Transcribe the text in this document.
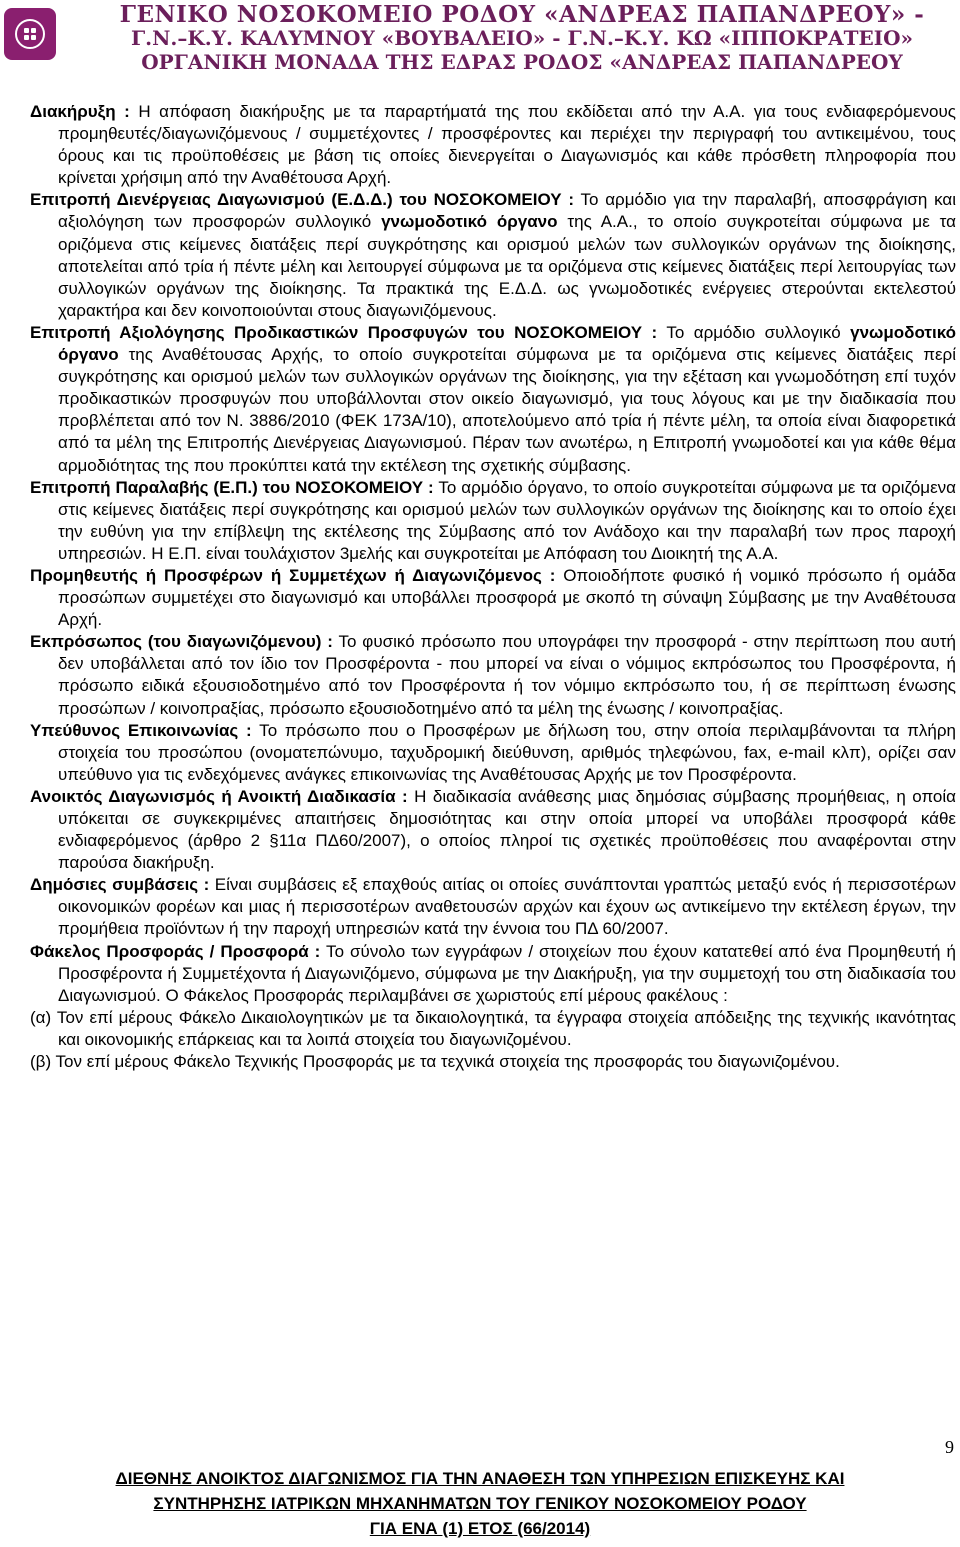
ΓΕΝΙΚΟ ΝΟΣΟΚΟΜΕΙΟ ΡΟΔΟΥ «ΑΝΔΡΕΑΣ ΠΑΠΑΝΔΡΕΟΥ» -
Γ.Ν.–Κ.Υ. ΚΑΛΥΜΝΟΥ «ΒΟΥΒΑΛΕΙΟ» - Γ.Ν.–Κ.Υ. ΚΩ «ΙΠΠΟΚΡΑΤΕΙΟ»
ΟΡΓΑΝΙΚΗ ΜΟΝΑΔΑ ΤΗΣ ΕΔΡΑΣ ΡΟΔΟΣ «ΑΝΔΡΕΑΣ ΠΑΠΑΝΔΡΕΟΥ

Διακήρυξη : Η απόφαση διακήρυξης με τα παραρτήματά της που εκδίδεται από την Α.Α. για τους ενδιαφερόμενους προμηθευτές/διαγωνιζόμενους / συμμετέχοντες / προσφέροντες και περιέχει την περιγραφή του αντικειμένου, τους όρους και τις προϋποθέσεις με βάση τις οποίες διενεργείται ο Διαγωνισμός και κάθε πρόσθετη πληροφορία που κρίνεται χρήσιμη από την Αναθέτουσα Αρχή.

Επιτροπή Διενέργειας Διαγωνισμού (Ε.Δ.Δ.) του ΝΟΣΟΚΟΜΕΙΟΥ : Το αρμόδιο για την παραλαβή, αποσφράγιση και αξιολόγηση των προσφορών συλλογικό γνωμοδοτικό όργανο της Α.Α., το οποίο συγκροτείται σύμφωνα με τα οριζόμενα στις κείμενες διατάξεις περί συγκρότησης και ορισμού μελών των συλλογικών οργάνων της διοίκησης, αποτελείται από τρία ή πέντε μέλη και λειτουργεί σύμφωνα με τα οριζόμενα στις κείμενες διατάξεις περί λειτουργίας των συλλογικών οργάνων της διοίκησης. Τα πρακτικά της Ε.Δ.Δ. ως γνωμοδοτικές ενέργειες στερούνται εκτελεστού χαρακτήρα και δεν κοινοποιούνται στους διαγωνιζόμενους.

Επιτροπή Αξιολόγησης Προδικαστικών Προσφυγών του ΝΟΣΟΚΟΜΕΙΟΥ : Το αρμόδιο συλλογικό γνωμοδοτικό όργανο της Αναθέτουσας Αρχής, το οποίο συγκροτείται σύμφωνα με τα οριζόμενα στις κείμενες διατάξεις περί συγκρότησης και ορισμού μελών των συλλογικών οργάνων της διοίκησης, για την εξέταση και γνωμοδότηση επί τυχόν προδικαστικών προσφυγών που υποβάλλονται στον οικείο διαγωνισμό, για τους λόγους και με την διαδικασία που προβλέπεται από τον Ν. 3886/2010 (ΦΕΚ 173Α/10), αποτελούμενο από τρία ή πέντε μέλη, τα οποία είναι διαφορετικά από τα μέλη της Επιτροπής Διενέργειας Διαγωνισμού. Πέραν των ανωτέρω, η Επιτροπή γνωμοδοτεί και για κάθε θέμα αρμοδιότητας της που προκύπτει κατά την εκτέλεση της σχετικής σύμβασης.

Επιτροπή Παραλαβής (Ε.Π.) του ΝΟΣΟΚΟΜΕΙΟΥ : Το αρμόδιο όργανο, το οποίο συγκροτείται σύμφωνα με τα οριζόμενα στις κείμενες διατάξεις περί συγκρότησης και ορισμού μελών των συλλογικών οργάνων της διοίκησης και το οποίο έχει την ευθύνη για την επίβλεψη της εκτέλεσης της Σύμβασης από τον Ανάδοχο και την παραλαβή των προς παροχή υπηρεσιών. Η Ε.Π. είναι τουλάχιστον 3μελής και συγκροτείται με Απόφαση του Διοικητή της Α.Α.

Προμηθευτής ή Προσφέρων ή Συμμετέχων ή Διαγωνιζόμενος : Οποιοδήποτε φυσικό ή νομικό πρόσωπο ή ομάδα προσώπων συμμετέχει στο διαγωνισμό και υποβάλλει προσφορά με σκοπό τη σύναψη Σύμβασης με την Αναθέτουσα Αρχή.

Εκπρόσωπος (του διαγωνιζόμενου) : Το φυσικό πρόσωπο που υπογράφει την προσφορά - στην περίπτωση που αυτή δεν υποβάλλεται από τον ίδιο τον Προσφέροντα - που μπορεί να είναι ο νόμιμος εκπρόσωπος του Προσφέροντα, ή πρόσωπο ειδικά εξουσιοδοτημένο από τον Προσφέροντα ή τον νόμιμο εκπρόσωπο του, ή σε περίπτωση ένωσης προσώπων / κοινοπραξίας, πρόσωπο εξουσιοδοτημένο από τα μέλη της ένωσης / κοινοπραξίας.

Υπεύθυνος Επικοινωνίας : Το πρόσωπο που ο Προσφέρων με δήλωση του, στην οποία περιλαμβάνονται τα πλήρη στοιχεία του προσώπου (ονοματεπώνυμο, ταχυδρομική διεύθυνση, αριθμός τηλεφώνου, fax, e-mail κλπ), ορίζει σαν υπεύθυνο για τις ενδεχόμενες ανάγκες επικοινωνίας της Αναθέτουσας Αρχής με τον Προσφέροντα.

Ανοικτός Διαγωνισμός ή Ανοικτή Διαδικασία : Η διαδικασία ανάθεσης μιας δημόσιας σύμβασης προμήθειας, η οποία υπόκειται σε συγκεκριμένες απαιτήσεις δημοσιότητας και στην οποία μπορεί να υποβάλει προσφορά κάθε ενδιαφερόμενος (άρθρο 2 §11α ΠΔ60/2007), ο οποίος πληροί τις σχετικές προϋποθέσεις που αναφέρονται στην παρούσα διακήρυξη.

Δημόσιες συμβάσεις : Είναι συμβάσεις εξ επαχθούς αιτίας οι οποίες συνάπτονται γραπτώς μεταξύ ενός ή περισσοτέρων οικονομικών φορέων και μιας ή περισσοτέρων αναθετουσών αρχών και έχουν ως αντικείμενο την εκτέλεση έργων, την προμήθεια προϊόντων ή την παροχή υπηρεσιών κατά την έννοια του ΠΔ 60/2007.

Φάκελος Προσφοράς / Προσφορά : Το σύνολο των εγγράφων / στοιχείων που έχουν κατατεθεί από ένα Προμηθευτή ή Προσφέροντα ή Συμμετέχοντα ή Διαγωνιζόμενο, σύμφωνα με την Διακήρυξη, για την συμμετοχή του στη διαδικασία του Διαγωνισμού. Ο Φάκελος Προσφοράς περιλαμβάνει σε χωριστούς επί μέρους φακέλους :

(α) Τον επί μέρους Φάκελο Δικαιολογητικών με τα δικαιολογητικά, τα έγγραφα στοιχεία απόδειξης της τεχνικής ικανότητας και οικονομικής επάρκειας και τα λοιπά στοιχεία του διαγωνιζομένου.

(β) Τον επί μέρους Φάκελο Τεχνικής Προσφοράς με τα τεχνικά στοιχεία της προσφοράς του διαγωνιζομένου.

9
ΔΙΕΘΝΗΣ ΑΝΟΙΚΤΟΣ ΔΙΑΓΩΝΙΣΜΟΣ ΓΙΑ ΤΗΝ ΑΝΑΘΕΣΗ ΤΩΝ ΥΠΗΡΕΣΙΩΝ ΕΠΙΣΚΕΥΗΣ ΚΑΙ
ΣΥΝΤΗΡΗΣΗΣ ΙΑΤΡΙΚΩΝ ΜΗΧΑΝΗΜΑΤΩΝ ΤΟΥ ΓΕΝΙΚΟΥ ΝΟΣΟΚΟΜΕΙΟΥ ΡΟΔΟΥ
ΓΙΑ ΕΝΑ (1) ΕΤΟΣ (66/2014)
